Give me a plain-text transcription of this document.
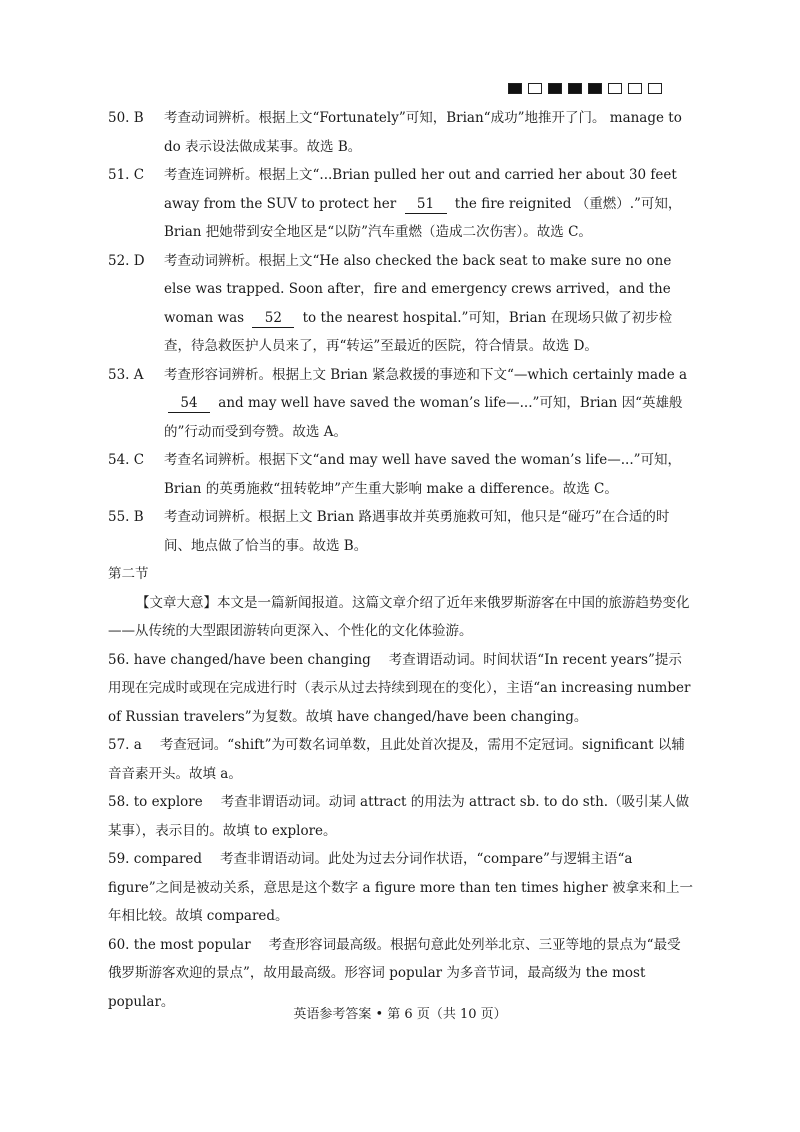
50. B	考查动词辨析。根据上文“Fortunately”可知，Brian“成功”地推开了门。 manage to do 表示设法做成某事。故选 B。
51. C	考查连词辨析。根据上文“...Brian pulled her out and carried her about 30 feet away from the SUV to protect her 51 the fire reignited （重燃）.”可知，Brian 把她带到安全地区是“以防”汽车重燃（造成二次伤害）。故选 C。
52. D	考查动词辨析。根据上文“He also checked the back seat to make sure no one else was trapped. Soon after，fire and emergency crews arrived，and the woman was 52 to the nearest hospital.”可知，Brian 在现场只做了初步检查，待急救医护人员来了，再“转运”至最近的医院，符合情景。故选 D。
53. A	考查形容词辨析。根据上文 Brian 紧急救援的事迹和下文“—which certainly made a 54 and may well have saved the woman’s life—...”可知，Brian 因“英雄般的”行动而受到夸赞。故选 A。
54. C	考查名词辨析。根据下文“and may well have saved the woman’s life—...”可知，Brian 的英勇施救“扭转乾坤”产生重大影响 make a difference。故选 C。
55. B	考查动词辨析。根据上文 Brian 路遇事故并英勇施救可知，他只是“碰巧”在合适的时间、地点做了恰当的事。故选 B。
第二节
【文章大意】本文是一篇新闻报道。这篇文章介绍了近年来俄罗斯游客在中国的旅游趋势变化——从传统的大型跟团游转向更深入、个性化的文化体验游。
56. have changed/have been changing 考查谓语动词。时间状语“In recent years”提示用现在完成时或现在完成进行时（表示从过去持续到现在的变化），主语“an increasing number of Russian travelers”为复数。故填 have changed/have been changing。
57. a 考查冠词。“shift”为可数名词单数，且此处首次提及，需用不定冠词。significant 以辅音音素开头。故填 a。
58. to explore 考查非谓语动词。动词 attract 的用法为 attract sb. to do sth.（吸引某人做某事），表示目的。故填 to explore。
59. compared 考查非谓语动词。此处为过去分词作状语，“compare”与逻辑主语“a figure”之间是被动关系，意思是这个数字 a figure more than ten times higher 被拿来和上一年相比较。故填 compared。
60. the most popular 考查形容词最高级。根据句意此处列举北京、三亚等地的景点为“最受俄罗斯游客欢迎的景点”，故用最高级。形容词 popular 为多音节词，最高级为 the most popular。
英语参考答案 • 第 6 页（共 10 页）
